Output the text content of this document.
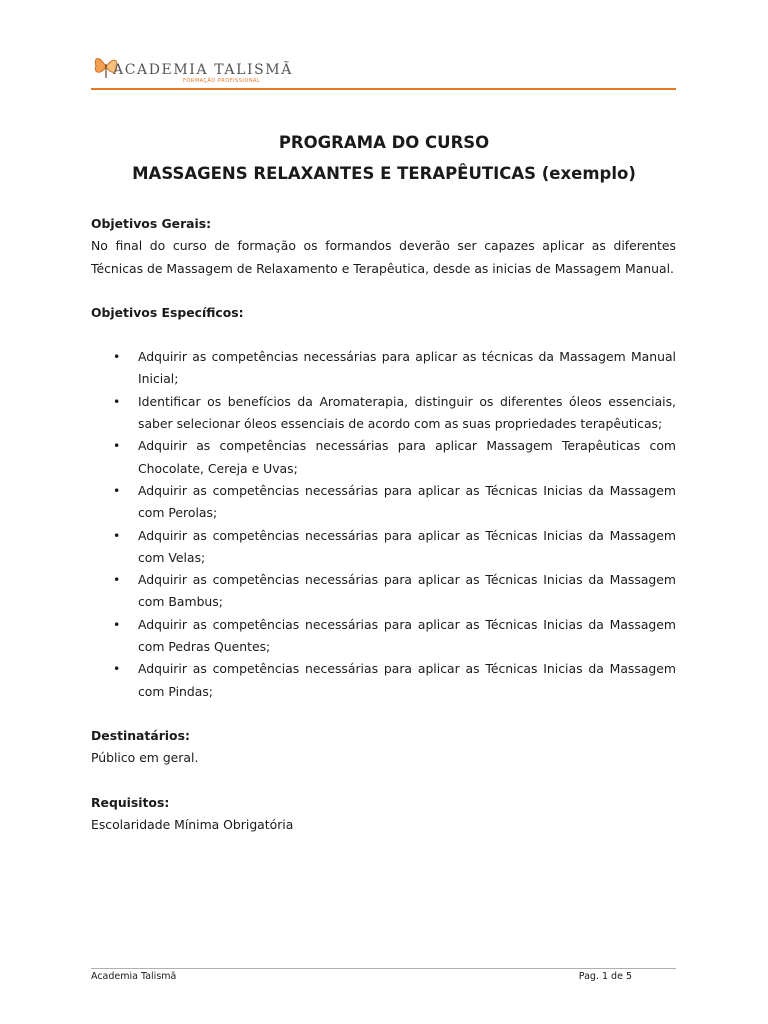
ACADEMIA TALISMÃ
FORMAÇÃO PROFISSIONAL
PROGRAMA DO CURSO
MASSAGENS RELAXANTES E TERAPÊUTICAS (exemplo)
Objetivos Gerais:
No final do curso de formação os formandos deverão ser capazes aplicar as diferentes Técnicas de Massagem de Relaxamento e Terapêutica, desde as inicias de Massagem Manual.
Objetivos Específicos:
• Adquirir as competências necessárias para aplicar as técnicas da Massagem Manual Inicial;
• Identificar os benefícios da Aromaterapia, distinguir os diferentes óleos essenciais, saber selecionar óleos essenciais de acordo com as suas propriedades terapêuticas;
• Adquirir as competências necessárias para aplicar Massagem Terapêuticas com Chocolate, Cereja e Uvas;
• Adquirir as competências necessárias para aplicar as Técnicas Inicias da Massagem com Perolas;
• Adquirir as competências necessárias para aplicar as Técnicas Inicias da Massagem com Velas;
• Adquirir as competências necessárias para aplicar as Técnicas Inicias da Massagem com Bambus;
• Adquirir as competências necessárias para aplicar as Técnicas Inicias da Massagem com Pedras Quentes;
• Adquirir as competências necessárias para aplicar as Técnicas Inicias da Massagem com Pindas;
Destinatários:
Público em geral.
Requisitos:
Escolaridade Mínima Obrigatória
Academia Talismã	Pag. 1 de 5
